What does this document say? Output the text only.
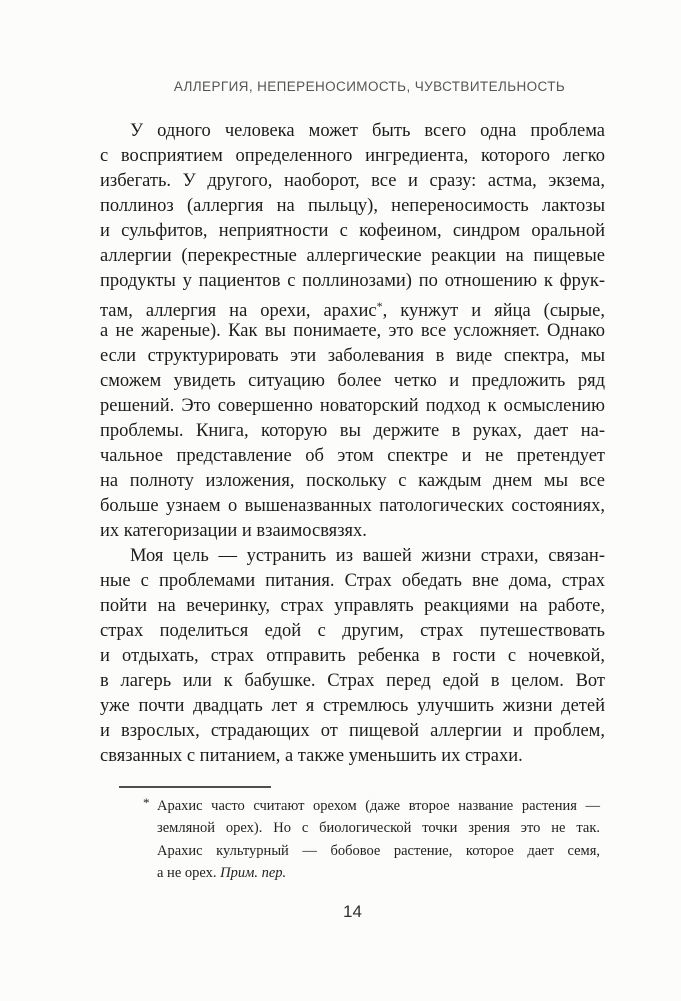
АЛЛЕРГИЯ, НЕПЕРЕНОСИМОСТЬ, ЧУВСТВИТЕЛЬНОСТЬ
У одного человека может быть всего одна проблема
с восприятием определенного ингредиента, которого легко
избегать. У другого, наоборот, все и сразу: астма, экзема,
поллиноз (аллергия на пыльцу), непереносимость лактозы
и сульфитов, неприятности с кофеином, синдром оральной
аллергии (перекрестные аллергические реакции на пищевые
продукты у пациентов с поллинозами) по отношению к фрук-
там, аллергия на орехи, арахис*, кунжут и яйца (сырые,
а не жареные). Как вы понимаете, это все усложняет. Однако
если структурировать эти заболевания в виде спектра, мы
сможем увидеть ситуацию более четко и предложить ряд
решений. Это совершенно новаторский подход к осмыслению
проблемы. Книга, которую вы держите в руках, дает на-
чальное представление об этом спектре и не претендует
на полноту изложения, поскольку с каждым днем мы все
больше узнаем о вышеназванных патологических состояниях,
их категоризации и взаимосвязях.
Моя цель — устранить из вашей жизни страхи, связан-
ные с проблемами питания. Страх обедать вне дома, страх
пойти на вечеринку, страх управлять реакциями на работе,
страх поделиться едой с другим, страх путешествовать
и отдыхать, страх отправить ребенка в гости с ночевкой,
в лагерь или к бабушке. Страх перед едой в целом. Вот
уже почти двадцать лет я стремлюсь улучшить жизни детей
и взрослых, страдающих от пищевой аллергии и проблем,
связанных с питанием, а также уменьшить их страхи.
* Арахис часто считают орехом (даже второе название растения —
земляной орех). Но с биологической точки зрения это не так.
Арахис культурный — бобовое растение, которое дает семя,
а не орех. Прим. пер.
14
